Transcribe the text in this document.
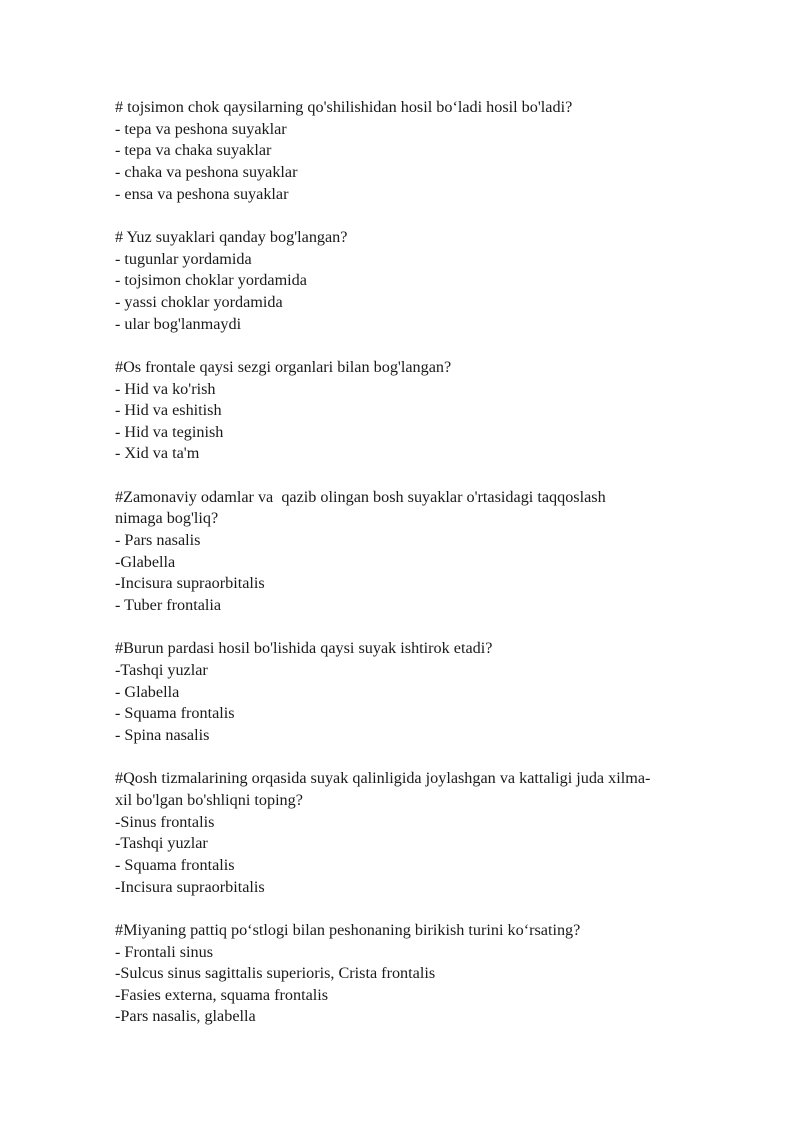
# tojsimon chok qaysilarning qo'shilishidan hosil bo‘ladi hosil bo'ladi?
- tepa va peshona suyaklar
- tepa va chaka suyaklar
- chaka va peshona suyaklar
- ensa va peshona suyaklar
# Yuz suyaklari qanday bog'langan?
- tugunlar yordamida
- tojsimon choklar yordamida
- yassi choklar yordamida
- ular bog'lanmaydi
#Os frontale qaysi sezgi organlari bilan bog'langan?
- Hid va ko'rish
- Hid va eshitish
- Hid va teginish
- Xid va ta'm
#Zamonaviy odamlar va  qazib olingan bosh suyaklar o'rtasidagi taqqoslash
nimaga bog'liq?
- Pars nasalis
-Glabella
-Incisura supraorbitalis
- Tuber frontalia
#Burun pardasi hosil bo'lishida qaysi suyak ishtirok etadi?
-Tashqi yuzlar
- Glabella
- Squama frontalis
- Spina nasalis
#Qosh tizmalarining orqasida suyak qalinligida joylashgan va kattaligi juda xilma-
xil bo'lgan bo'shliqni toping?
-Sinus frontalis
-Tashqi yuzlar
- Squama frontalis
-Incisura supraorbitalis
#Miyaning pattiq po‘stlogi bilan peshonaning birikish turini ko‘rsating?
- Frontali sinus
-Sulcus sinus sagittalis superioris, Crista frontalis
-Fasies externa, squama frontalis
-Pars nasalis, glabella
